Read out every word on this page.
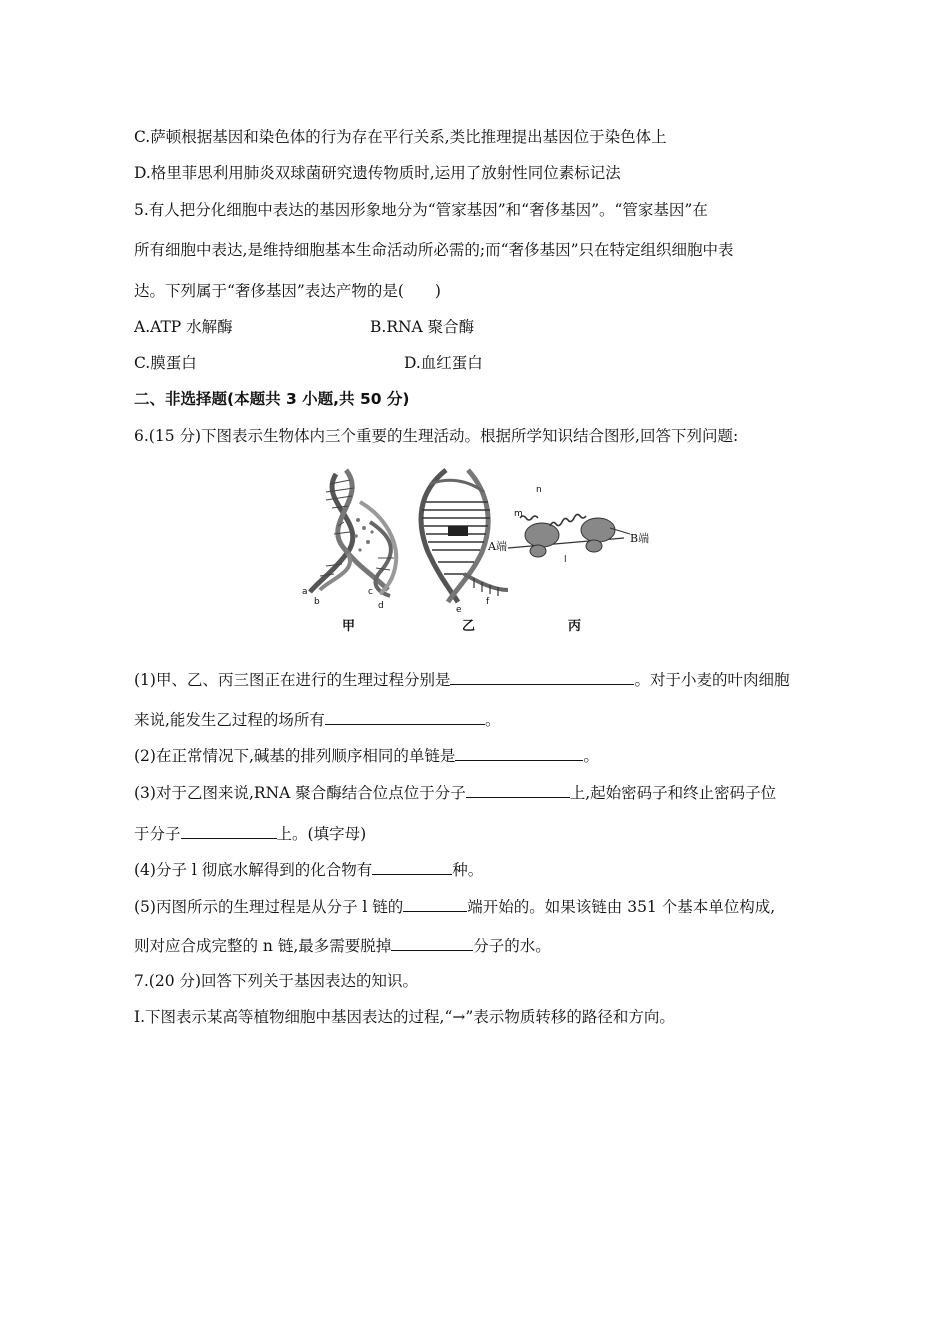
C.萨顿根据基因和染色体的行为存在平行关系,类比推理提出基因位于染色体上
D.格里菲思利用肺炎双球菌研究遗传物质时,运用了放射性同位素标记法
5.有人把分化细胞中表达的基因形象地分为“管家基因”和“奢侈基因”。“管家基因”在
所有细胞中表达,是维持细胞基本生命活动所必需的;而“奢侈基因”只在特定组织细胞中表
达。下列属于“奢侈基因”表达产物的是(　　)
A.ATP 水解酶	B.RNA 聚合酶
C.膜蛋白	D.血红蛋白
二、非选择题(本题共 3 小题,共 50 分)
6.(15 分)下图表示生物体内三个重要的生理活动。根据所学知识结合图形,回答下列问题:
a
b
c
d
甲
e
f
乙
m
n
l
A端
B端
丙
(1)甲、乙、丙三图正在进行的生理过程分别是	。对于小麦的叶肉细胞
来说,能发生乙过程的场所有	。
(2)在正常情况下,碱基的排列顺序相同的单链是	。
(3)对于乙图来说,RNA 聚合酶结合位点位于分子	上,起始密码子和终止密码子位
于分子	上。(填字母)
(4)分子 l 彻底水解得到的化合物有	种。
(5)丙图所示的生理过程是从分子 l 链的	端开始的。如果该链由 351 个基本单位构成,
则对应合成完整的 n 链,最多需要脱掉	分子的水。
7.(20 分)回答下列关于基因表达的知识。
Ⅰ.下图表示某高等植物细胞中基因表达的过程,“→”表示物质转移的路径和方向。
